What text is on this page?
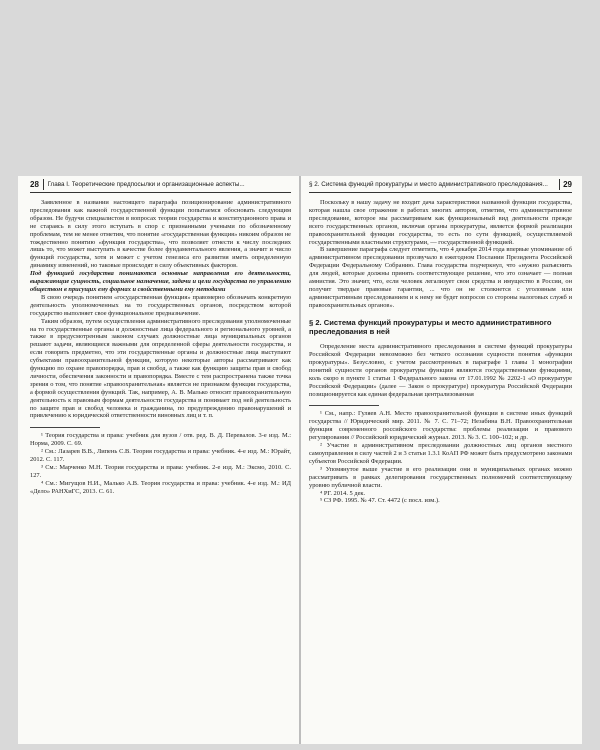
28 Глава I.
Теоретические предпосылки и организационные аспекты...

Заявленное в названии настоящего параграфа позиционирование административного преследования как важной государственной функции попытаемся обосновать следующим образом. Не будучи специалистом в вопросах теории государства и конституционного права и не стараясь в силу этого вступать в спор с признанными учеными по обозначенному проблемам, тем не менее отметим, что понятие «государственная функция» никоим образом не тождественно понятию «функция государства», что позволяет отнести к числу последних лишь то, что может выступать в качестве более фундаментального явления, а значит и число функций государства, хотя и может с учетом генезиса его развития иметь определенную динамику изменений, но таковые происходят в силу объективных факторов.

Под функцией государства понимаются основные направления его деятельности, выражающие сущность, социальное назначение, задачи и цели государства по управлению обществом в присущих ему формах и свойственными ему методами

В свою очередь понятием «государственная функция» правомерно обозначать конкретную деятельность уполномоченных на то государственных органов, посредством которой государство выполняет свое функциональное предназначение.

Таким образом, путем осуществления административного преследования уполномоченные на то государственные органы и должностные лица федерального и регионального уровней, а также в предусмотренным законом случаях должностные лица муниципальных органов решают задачи, являющиеся важными для определенной сферы деятельности государства, и если говорить предметно, что эти государственные органы и должностные лица выступают субъектами правоохранительной функции, которую некоторые авторы рассматривают как функцию по охране правопорядка, прав и свобод, а также как функцию защиты прав и свобод личности, обеспечения законности и правопорядка. Вместе с тем распространена также точка зрения о том, что понятие «правоохранительная» является не признаком функции государства, а формой осуществления функций. Так, например, А. В. Малько относит правоохранительную деятельность к правовым формам деятельности государства и понимает под ней деятельность по защите прав и свобод человека и гражданина, по предупреждению правонарушений и привлечению к юридической ответственности виновных лиц и т. п.

¹ Теория государства и права: учебник для вузов / отв. ред. В. Д. Перевалов. 3-е изд. М.: Норма, 2009. С. 69.

² См.: Лазарев В.В., Липень С.В. Теория государства и права: учебник. 4-е изд. М.: Юрайт, 2012. С. 117.

³ См.: Марченко М.Н. Теория государства и права: учебник. 2-е изд. М.: Эксмо, 2010. С. 127.

⁴ См.: Мигущов Н.И., Малько А.В. Теория государства и права: учебник. 4-е изд. М.: ИД «Дело» РАНХиГС, 2013. С. 61.

§ 2.
Система функций прокуратуры и место административного преследования...	29

Поскольку в нашу задачу не входит дача характеристики названной функции государства, которая нашла свое отражение в работах многих авторов, отметим, что административное преследование, которое мы рассматриваем как функциональный вид деятельности прежде всего государственных органов, включая органы прокуратуры, является формой реализации правоохранительной функции государства, то есть по сути функцией, осуществляемой государственными властными структурами, — государственной функцией.

В завершение параграфа следует отметить, что 4 декабря 2014 года впервые упоминание об административном преследовании прозвучало в ежегодном Послании Президента Российской Федерации Федеральному Собранию. Глава государства подчеркнул, что «нужно разъяснить для людей, которые должны принять соответствующее решение, что это означает — полная амнистия. Это значит, что, если человек легализует свои средства и имущество в России, он получит твердые правовые гарантии, ... что он не столкнется с уголовным или административным преследованием и к нему не будет вопросов со стороны налоговых служб и правоохранительных органов».

§ 2. Система функций прокуратуры и место административного преследования в ней

Определение места административного преследования в системе функций прокуратуры Российской Федерации невозможно без четкого осознания сущности понятия «функции прокуратуры». Безусловно, с учетом рассмотренных в параграфе 1 главы 1 монографии понятий сущности органов прокуратуры функции являются государственными функциями, коль скоро в пункте 1 статьи 1 Федерального закона от 17.01.1992 № 2202-1 «О прокуратуре Российской Федерации» (далее — Закон о прокуратуре) прокуратура Российской Федерации позиционируется как единая федеральная централизованная

¹ См., напр.: Гуляев А.Н. Место правоохранительной функции в системе иных функций государства // Юридический мир. 2011. № 7. С. 71–72; Незабина В.Н. Правоохранительная функция современного российского государства: проблемы реализации и правового регулирования // Российский юридический журнал. 2013. № 3. С. 100–102; и др.

² Участие в административном преследовании должностных лиц органов местного самоуправления в силу частей 2 и 3 статьи 1.3.1 КоАП РФ может быть предусмотрено законами субъектов Российской Федерации.

³ Упомянутое выше участие в его реализации они в муниципальных органах можно рассматривать в рамках делегирования государственных полномочий соответствующему уровню публичной власти.

⁴ РГ. 2014. 5 дек.

⁵ СЗ РФ. 1995. № 47. Ст. 4472 (с посл. изм.).
